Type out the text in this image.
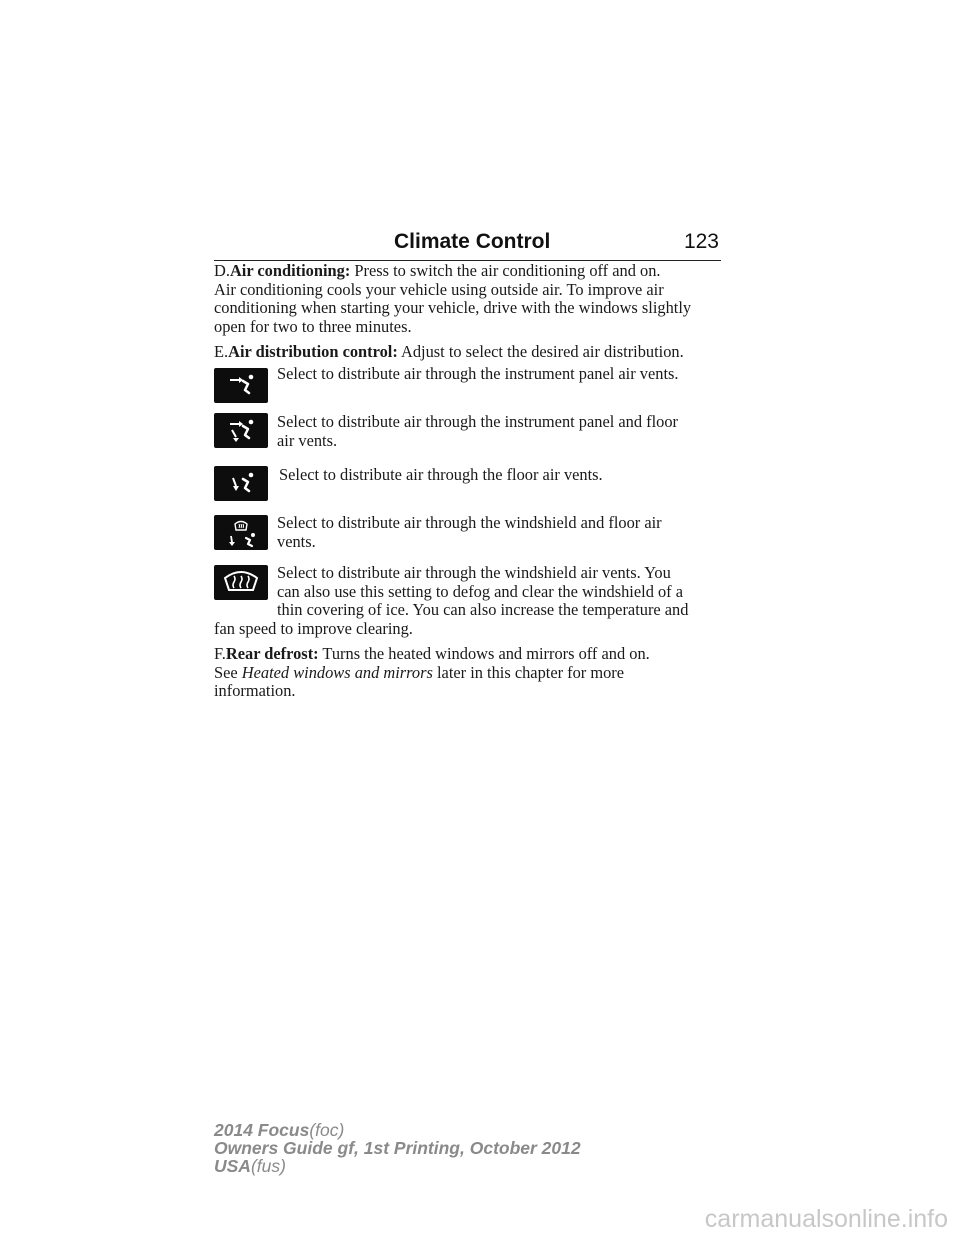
Climate Control	123
D.Air conditioning: Press to switch the air conditioning off and on.
Air conditioning cools your vehicle using outside air. To improve air
conditioning when starting your vehicle, drive with the windows slightly
open for two to three minutes.
E.Air distribution control: Adjust to select the desired air distribution.
Select to distribute air through the instrument panel air vents.
Select to distribute air through the instrument panel and floor
air vents.
Select to distribute air through the floor air vents.
Select to distribute air through the windshield and floor air
vents.
Select to distribute air through the windshield air vents. You
can also use this setting to defog and clear the windshield of a
thin covering of ice. You can also increase the temperature and
fan speed to improve clearing.
F.Rear defrost: Turns the heated windows and mirrors off and on.
See Heated windows and mirrors later in this chapter for more
information.
2014 Focus(foc)
Owners Guide gf, 1st Printing, October 2012
USA(fus)
carmanualsonline.info
